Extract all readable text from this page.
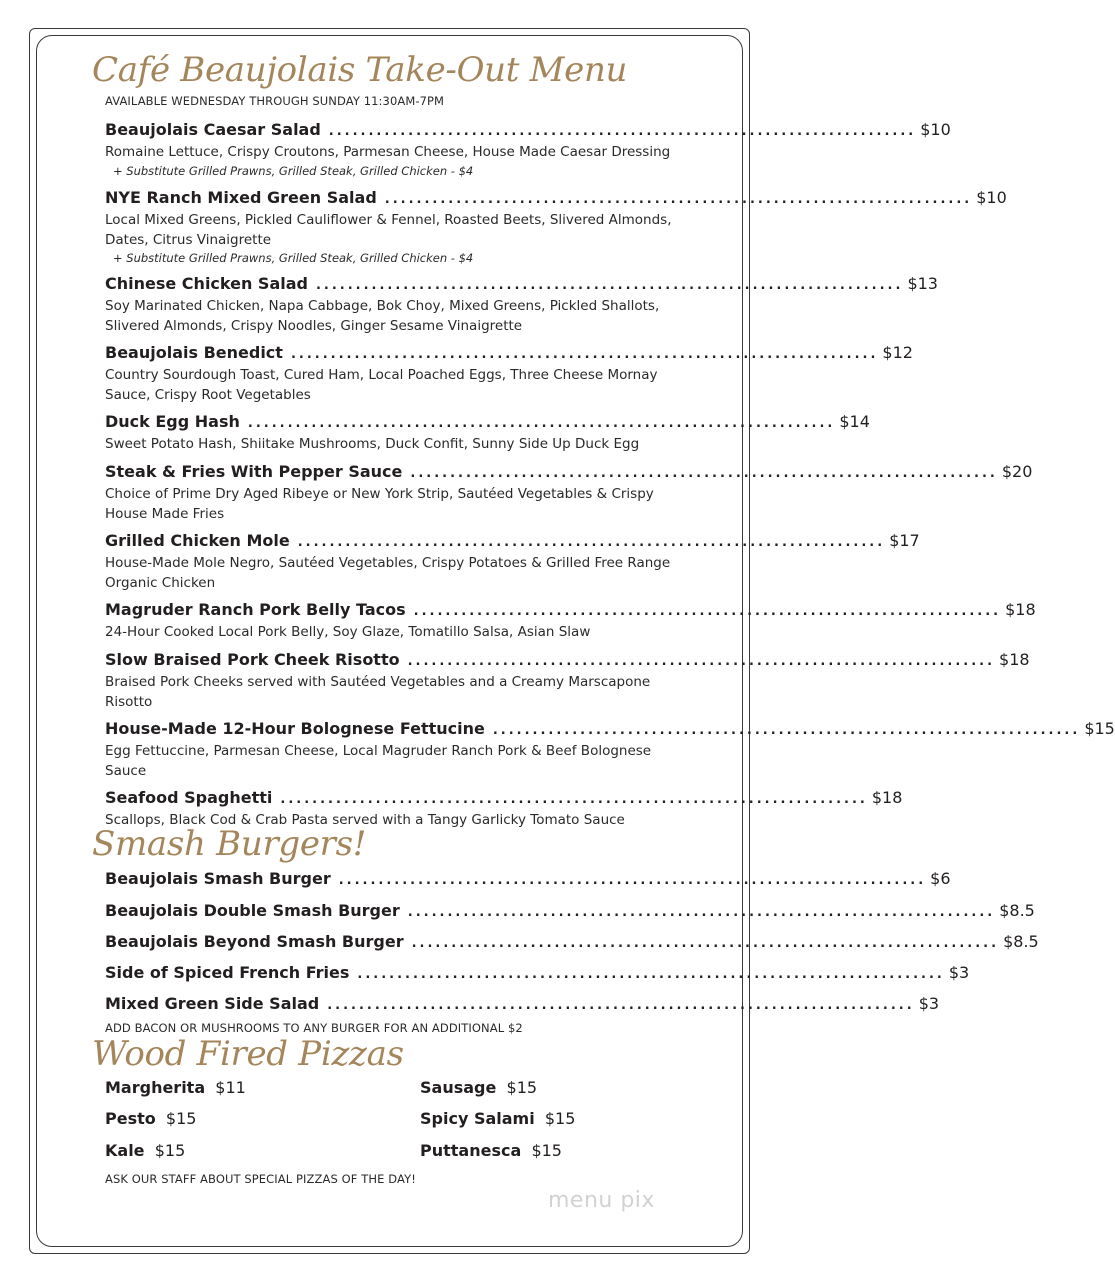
Café Beaujolais Take-Out Menu
AVAILABLE WEDNESDAY THROUGH SUNDAY 11:30AM-7PM
Beaujolais Caesar Salad .......................................................................... $10
Romaine Lettuce, Crispy Croutons, Parmesan Cheese, House Made Caesar Dressing
+ Substitute Grilled Prawns, Grilled Steak, Grilled Chicken - $4
NYE Ranch Mixed Green Salad .......................................................................... $10
Local Mixed Greens, Pickled Cauliflower & Fennel, Roasted Beets, Slivered Almonds, Dates, Citrus Vinaigrette
+ Substitute Grilled Prawns, Grilled Steak, Grilled Chicken - $4
Chinese Chicken Salad .......................................................................... $13
Soy Marinated Chicken, Napa Cabbage, Bok Choy, Mixed Greens, Pickled Shallots, Slivered Almonds, Crispy Noodles, Ginger Sesame Vinaigrette
Beaujolais Benedict .......................................................................... $12
Country Sourdough Toast, Cured Ham, Local Poached Eggs, Three Cheese Mornay Sauce, Crispy Root Vegetables
Duck Egg Hash .......................................................................... $14
Sweet Potato Hash, Shiitake Mushrooms, Duck Confit, Sunny Side Up Duck Egg
Steak & Fries With Pepper Sauce .......................................................................... $20
Choice of Prime Dry Aged Ribeye or New York Strip, Sautéed Vegetables & Crispy House Made Fries
Grilled Chicken Mole .......................................................................... $17
House-Made Mole Negro, Sautéed Vegetables, Crispy Potatoes & Grilled Free Range Organic Chicken
Magruder Ranch Pork Belly Tacos .......................................................................... $18
24-Hour Cooked Local Pork Belly, Soy Glaze, Tomatillo Salsa, Asian Slaw
Slow Braised Pork Cheek Risotto .......................................................................... $18
Braised Pork Cheeks served with Sautéed Vegetables and a Creamy Marscapone Risotto
House-Made 12-Hour Bolognese Fettucine .......................................................................... $15
Egg Fettuccine, Parmesan Cheese, Local Magruder Ranch Pork & Beef Bolognese Sauce
Seafood Spaghetti .......................................................................... $18
Scallops, Black Cod & Crab Pasta served with a Tangy Garlicky Tomato Sauce
Smash Burgers!
Beaujolais Smash Burger .......................................................................... $6
Beaujolais Double Smash Burger .......................................................................... $8.5
Beaujolais Beyond Smash Burger .......................................................................... $8.5
Side of Spiced French Fries .......................................................................... $3
Mixed Green Side Salad .......................................................................... $3
ADD BACON OR MUSHROOMS TO ANY BURGER FOR AN ADDITIONAL $2
Wood Fired Pizzas
Margherita $11	Sausage $15
Pesto $15	Spicy Salami $15
Kale $15	Puttanesca $15
ASK OUR STAFF ABOUT SPECIAL PIZZAS OF THE DAY!
menu pix
